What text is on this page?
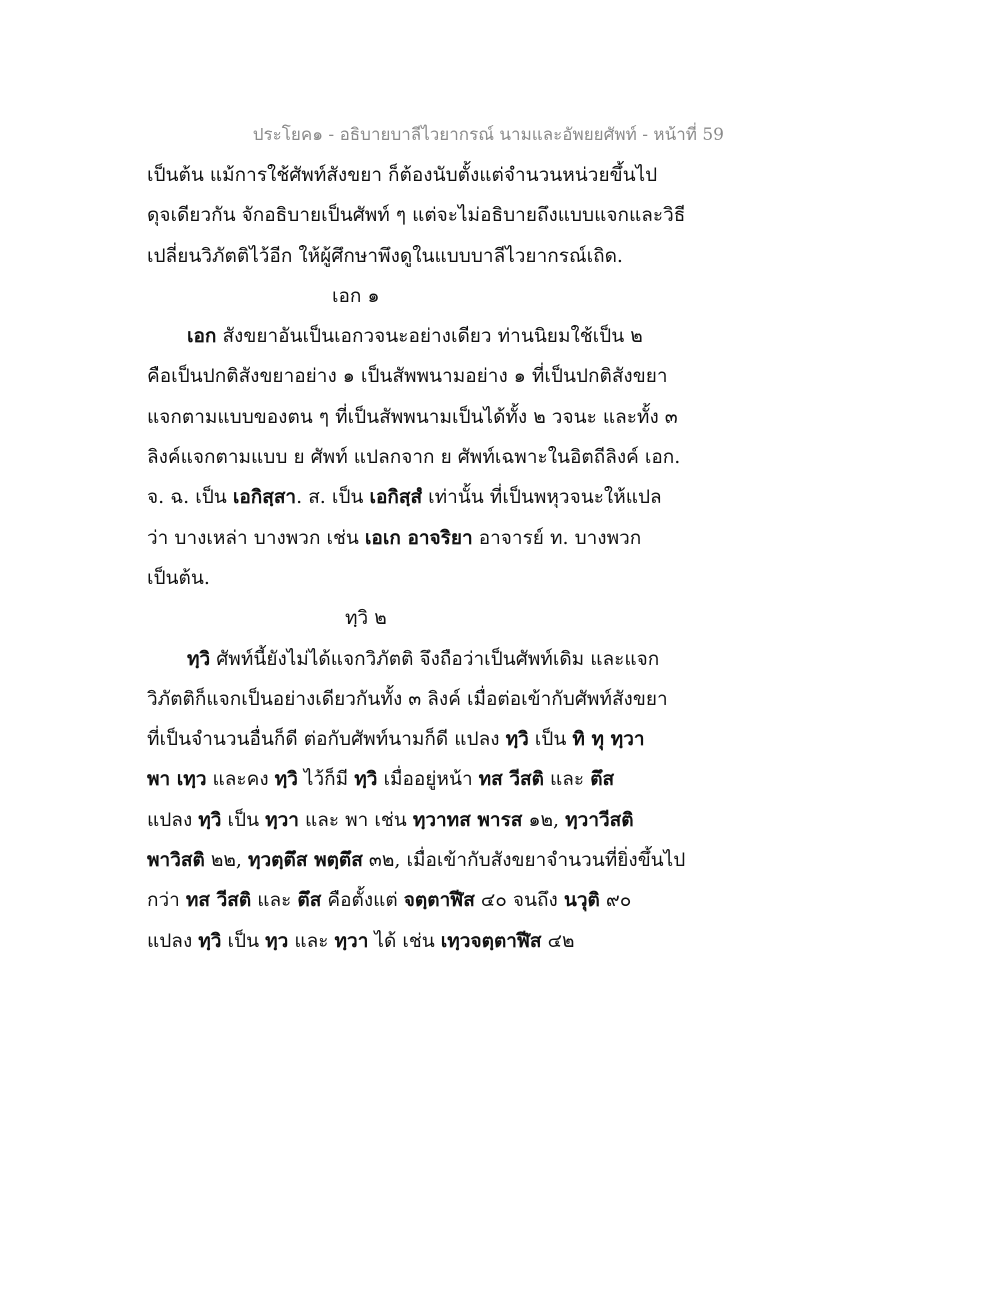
ประโยค๑ - อธิบายบาลีไวยากรณ์ นามและอัพยยศัพท์ - หน้าที่ 59
เป็นต้น แม้การใช้ศัพท์สังขยา ก็ต้องนับตั้งแต่จำนวนหน่วยขึ้นไป
ดุจเดียวกัน จักอธิบายเป็นศัพท์ ๆ แต่จะไม่อธิบายถึงแบบแจกและวิธี
เปลี่ยนวิภัตติไว้อีก ให้ผู้ศึกษาพึงดูในแบบบาลีไวยากรณ์เถิด.
เอก ๑
เอก สังขยาอันเป็นเอกวจนะอย่างเดียว ท่านนิยมใช้เป็น ๒
คือเป็นปกติสังขยาอย่าง ๑ เป็นสัพพนามอย่าง ๑ ที่เป็นปกติสังขยา
แจกตามแบบของตน ๆ ที่เป็นสัพพนามเป็นได้ทั้ง ๒ วจนะ และทั้ง ๓
ลิงค์แจกตามแบบ ย ศัพท์ แปลกจาก ย ศัพท์เฉพาะในอิตถีลิงค์ เอก.
จ. ฉ. เป็น เอกิสฺสา. ส. เป็น เอกิสฺสํ เท่านั้น ที่เป็นพหุวจนะให้แปล
ว่า บางเหล่า บางพวก เช่น เอเก อาจริยา อาจารย์ ท. บางพวก
เป็นต้น.
ทฺวิ ๒
ทฺวิ ศัพท์นี้ยังไม่ได้แจกวิภัตติ จึงถือว่าเป็นศัพท์เดิม และแจก
วิภัตติก็แจกเป็นอย่างเดียวกันทั้ง ๓ ลิงค์ เมื่อต่อเข้ากับศัพท์สังขยา
ที่เป็นจำนวนอื่นก็ดี ต่อกับศัพท์นามก็ดี แปลง ทฺวิ เป็น ทิ ทุ ทฺวา
พา เทฺว และคง ทฺวิ ไว้ก็มี ทฺวิ เมื่ออยู่หน้า ทส วีสติ และ ตึส
แปลง ทฺวิ เป็น ทฺวา และ พา เช่น ทฺวาทส พารส ๑๒, ทฺวาวีสติ
พาวิสติ ๒๒, ทฺวตฺตึส พตฺตึส ๓๒, เมื่อเข้ากับสังขยาจำนวนที่ยิ่งขึ้นไป
กว่า ทส วีสติ และ ตึส คือตั้งแต่ จตฺตาฬีส ๔๐ จนถึง นวุติ ๙๐
แปลง ทฺวิ เป็น ทฺว และ ทฺวา ได้ เช่น เทฺวจตฺตาฬีส ๔๒
